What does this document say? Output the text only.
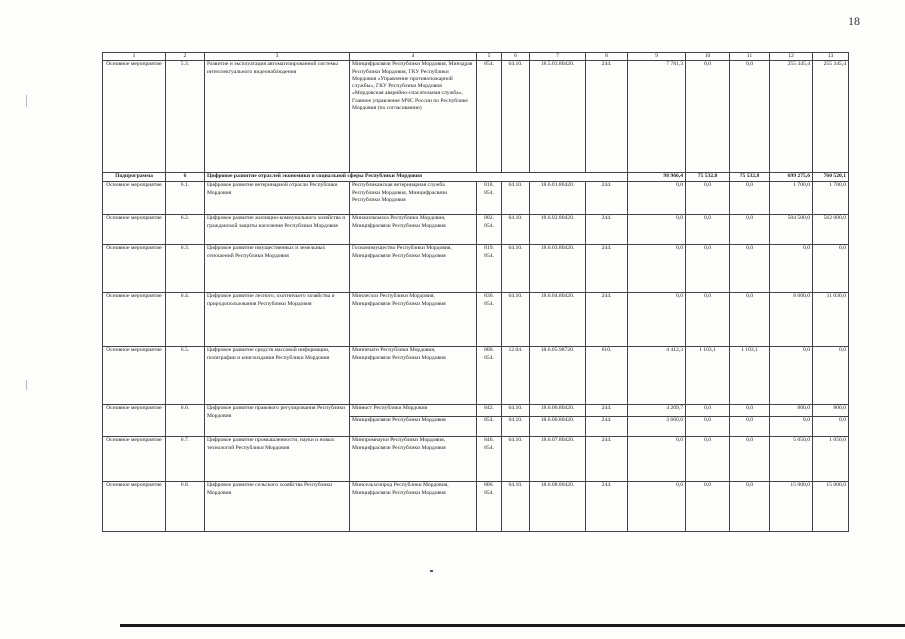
18
1	2	3	4	5	6	7	8	9	10	11	12	13
Основное мероприятие	5.3.	Развитие и эксплуатация автоматизированной системы интеллектуального видеонаблюдения	Минцифрасвязи Республики Мордовия, Минздрав Республики Мордовия, ГКУ Республики Мордовия «Управление противопожарной службы», ГКУ Республики Мордовия «Мордовская аварийно-спасательная служба», Главное управление МЧС России по Республике Мордовия (по согласованию)	854.	04.10.	18.5.03.80420.	244.	7 781,3	0,0	0,0	255 345,4	255 345,4
Подпрограмма	6	Цифровое развитие отраслей экономики и социальной сферы Республики Мордовия						98 966,4	75 532,8	75 532,8	699 275,6	760 520,1
Основное мероприятие	6.1.	Цифровое развитие ветеринарной отрасли Республики Мордовия	Республиканская ветеринарная служба Республики Мордовия, Минцифрасвязи Республики Мордовия	818. 854.	04.10.	18.6.01.80420.	244.	0,0	0,0	0,0	1 700,0	1 700,0
Основное мероприятие	6.2.	Цифровое развитие жилищно-коммунального хозяйства и гражданской защиты населения Республики Мордовия	Минжилкомхоз Республики Мордовия, Минцифрасвязи Республики Мордовия	802. 854.	04.10.	18.6.02.80420.	244.	0,0	0,0	0,0	504 500,0	562 000,0
Основное мероприятие	6.3.	Цифровое развитие имущественных и земельных отношений Республики Мордовия	Госкомимущество Республики Мордовия, Минцифрасвязи Республики Мордовия	819. 854.	04.10.	18.6.03.80420.	244.	0,0	0,0	0,0	0,0	0,0
Основное мероприятие	6.4.	Цифровое развитие лесного, охотничьего хозяйства и природопользования Республики Мордовия	Минлесхоз Республики Мордовия, Минцифрасвязи Республики Мордовия	836. 854.	04.10.	18.6.04.80420.	244.	0,0	0,0	0,0	8 600,0	11 030,0
Основное мероприятие	6.5.	Цифровое развитие средств массовой информации, полиграфии и книгоиздания Республики Мордовия	Минпечати Республики Мордовия, Минцифрасвязи Республики Мордовия	800. 854.	12.04.	18.6.05.98720.	610.	4 412,3	1 103,1	1 103,1	0,0	0,0
Основное мероприятие	6.6.	Цифровое развитие правового регулирования Республики Мордовия	Минюст Республики Мордовия	842.	04.10.	18.6.06.80420.	244.	4 209,7	0,0	0,0	800,0	800,0
			Минцифрасвязи Республики Мордовия	854.	04.10.	18.6.06.80420.	244.	3 660,0	0,0	0,0	0,0	0,0
Основное мероприятие	6.7.	Цифровое развитие промышленности, науки и новых технологий Республики Мордовия	Минпромнауки Республики Мордовия, Минцифрасвязи Республики Мордовия	846. 854.	04.10.	18.6.07.80420.	244.	0,0	0,0	0,0	5 050,0	1 050,0
Основное мероприятие	6.8.	Цифровое развитие сельского хозяйства Республики Мордовия	Минсельхозпрод Республики Мордовия, Минцифрасвязи Республики Мордовия	806. 854.	04.10.	18.6.08.80420.	244.	0,0	0,0	0,0	15 000,0	15 000,0
